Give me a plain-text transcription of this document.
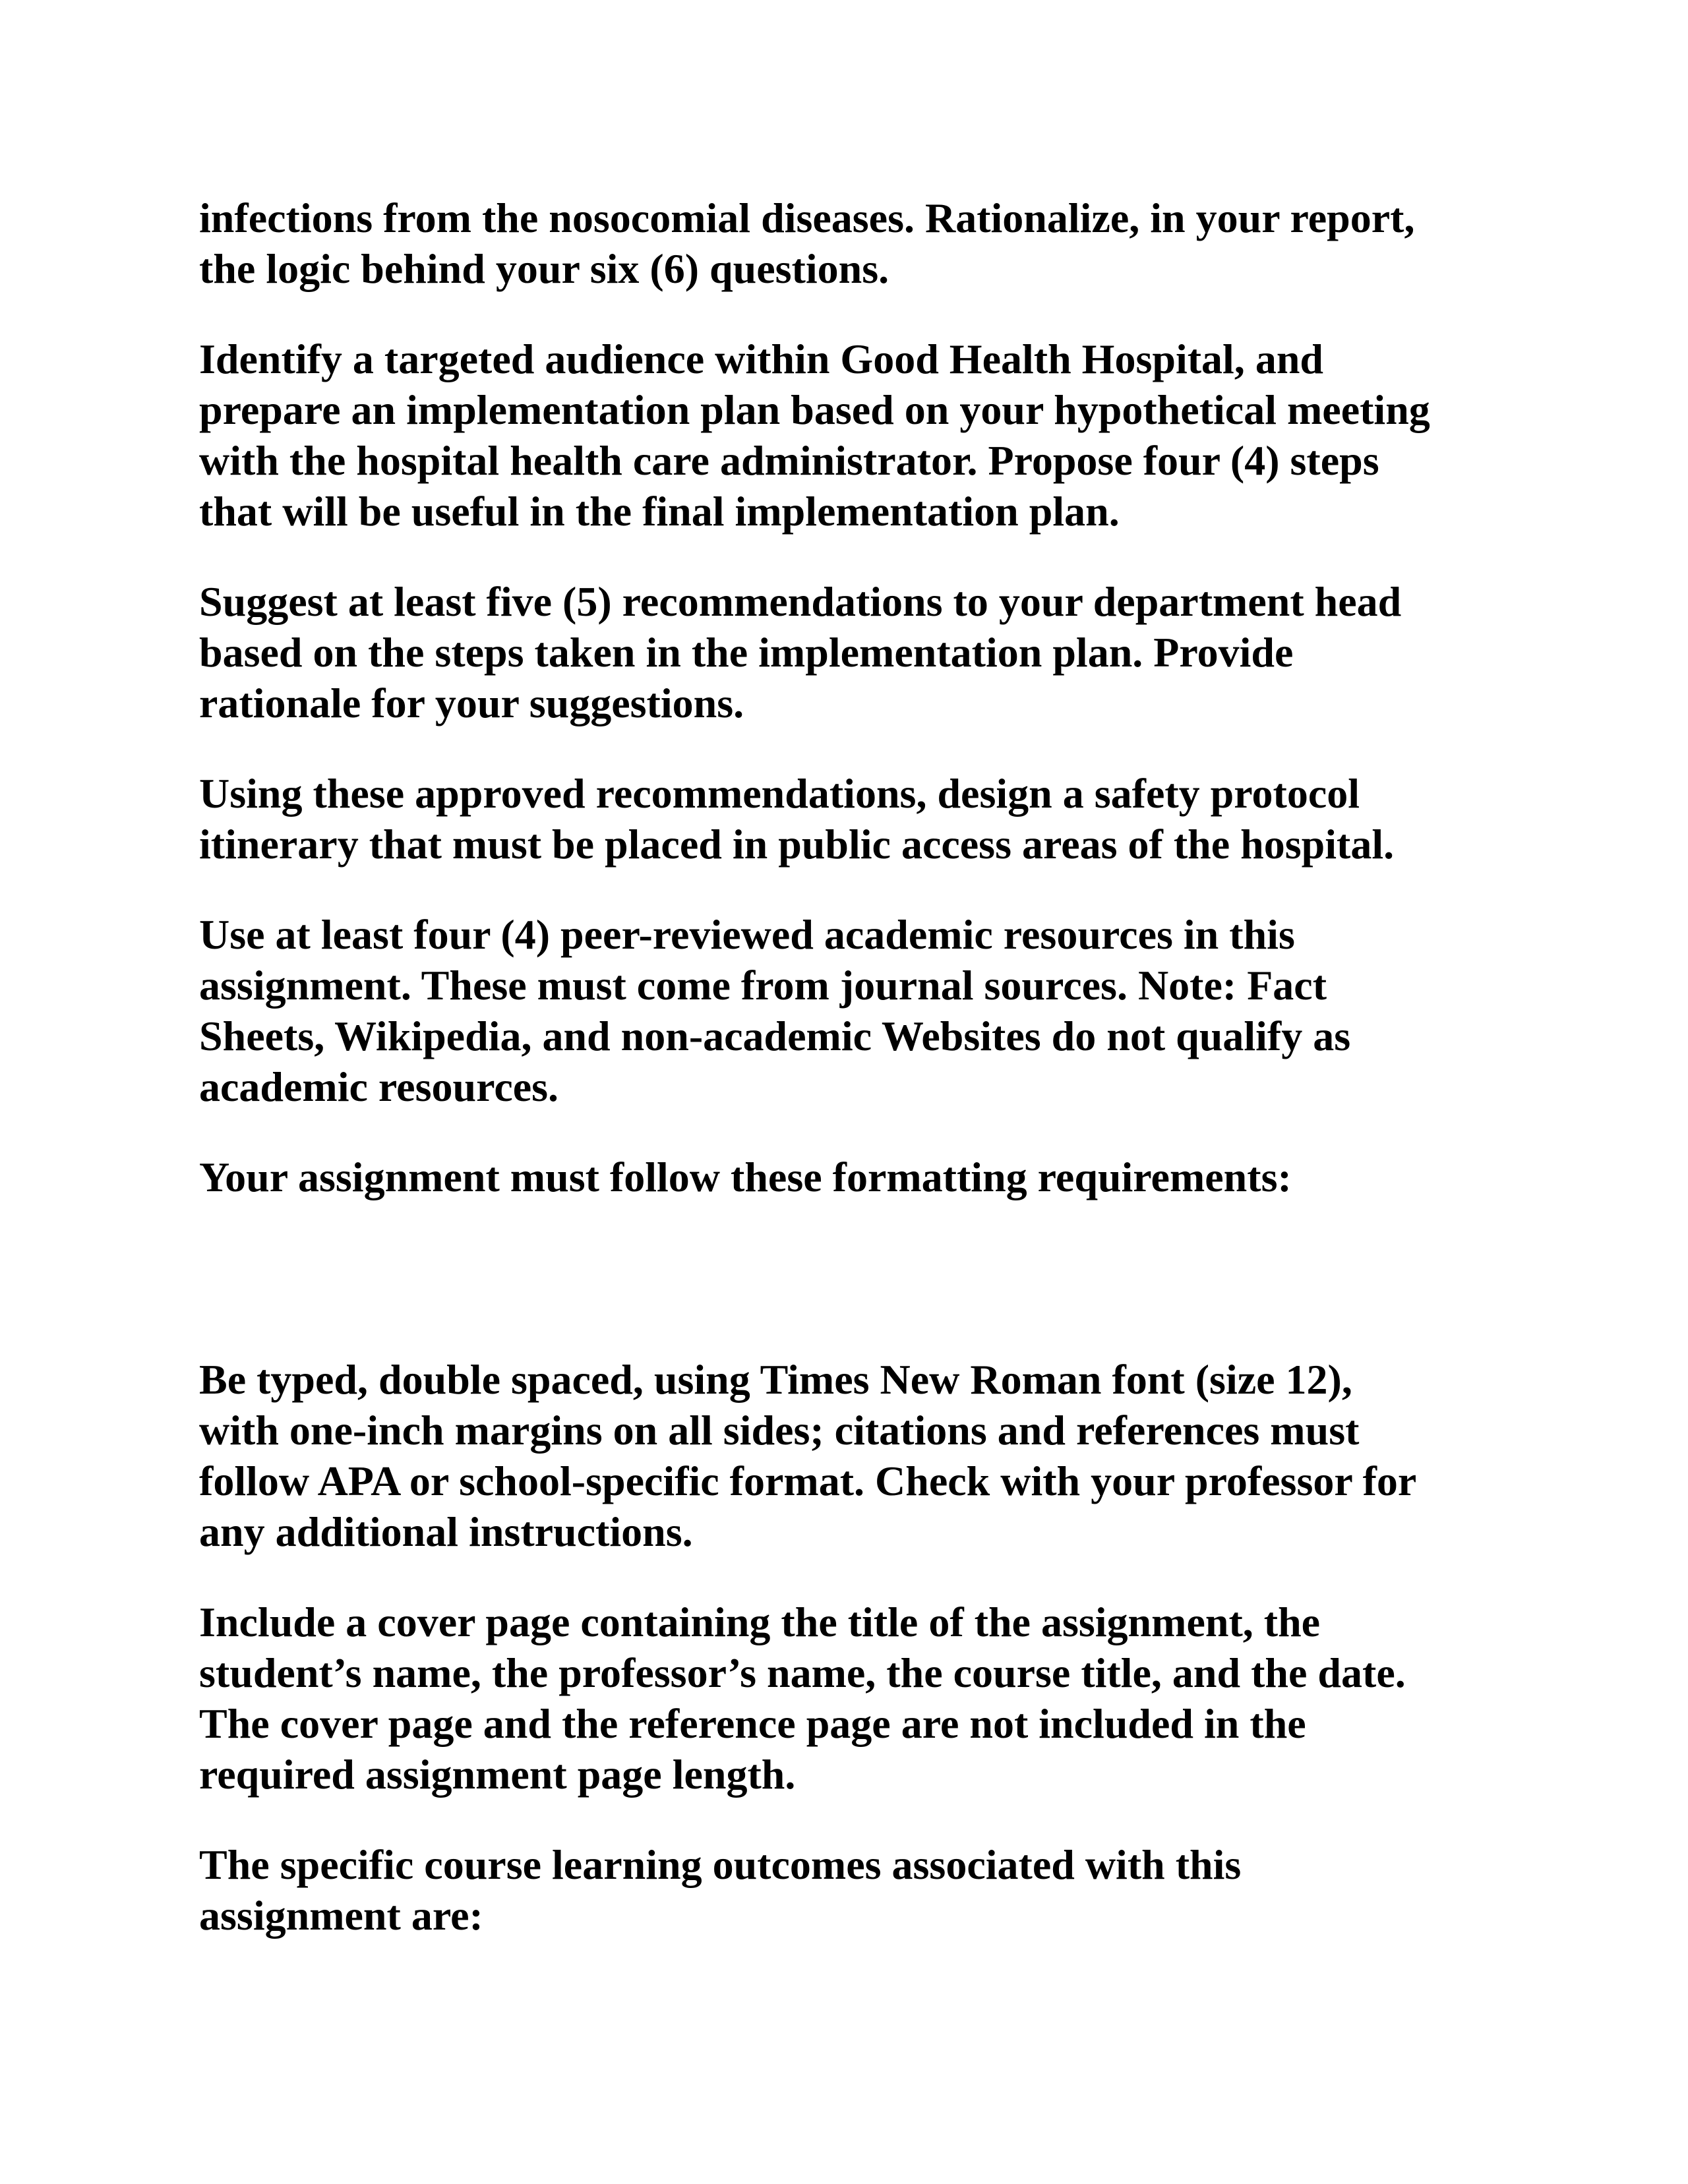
infections from the nosocomial diseases. Rationalize, in your report,
the logic behind your six (6) questions.

Identify a targeted audience within Good Health Hospital, and
prepare an implementation plan based on your hypothetical meeting
with the hospital health care administrator. Propose four (4) steps
that will be useful in the final implementation plan.

Suggest at least five (5) recommendations to your department head
based on the steps taken in the implementation plan. Provide
rationale for your suggestions.

Using these approved recommendations, design a safety protocol
itinerary that must be placed in public access areas of the hospital.

Use at least four (4) peer-reviewed academic resources in this
assignment. These must come from journal sources. Note: Fact
Sheets, Wikipedia, and non-academic Websites do not qualify as
academic resources.

Your assignment must follow these formatting requirements:

Be typed, double spaced, using Times New Roman font (size 12),
with one-inch margins on all sides; citations and references must
follow APA or school-specific format. Check with your professor for
any additional instructions.

Include a cover page containing the title of the assignment, the
student’s name, the professor’s name, the course title, and the date.
The cover page and the reference page are not included in the
required assignment page length.

The specific course learning outcomes associated with this
assignment are:
